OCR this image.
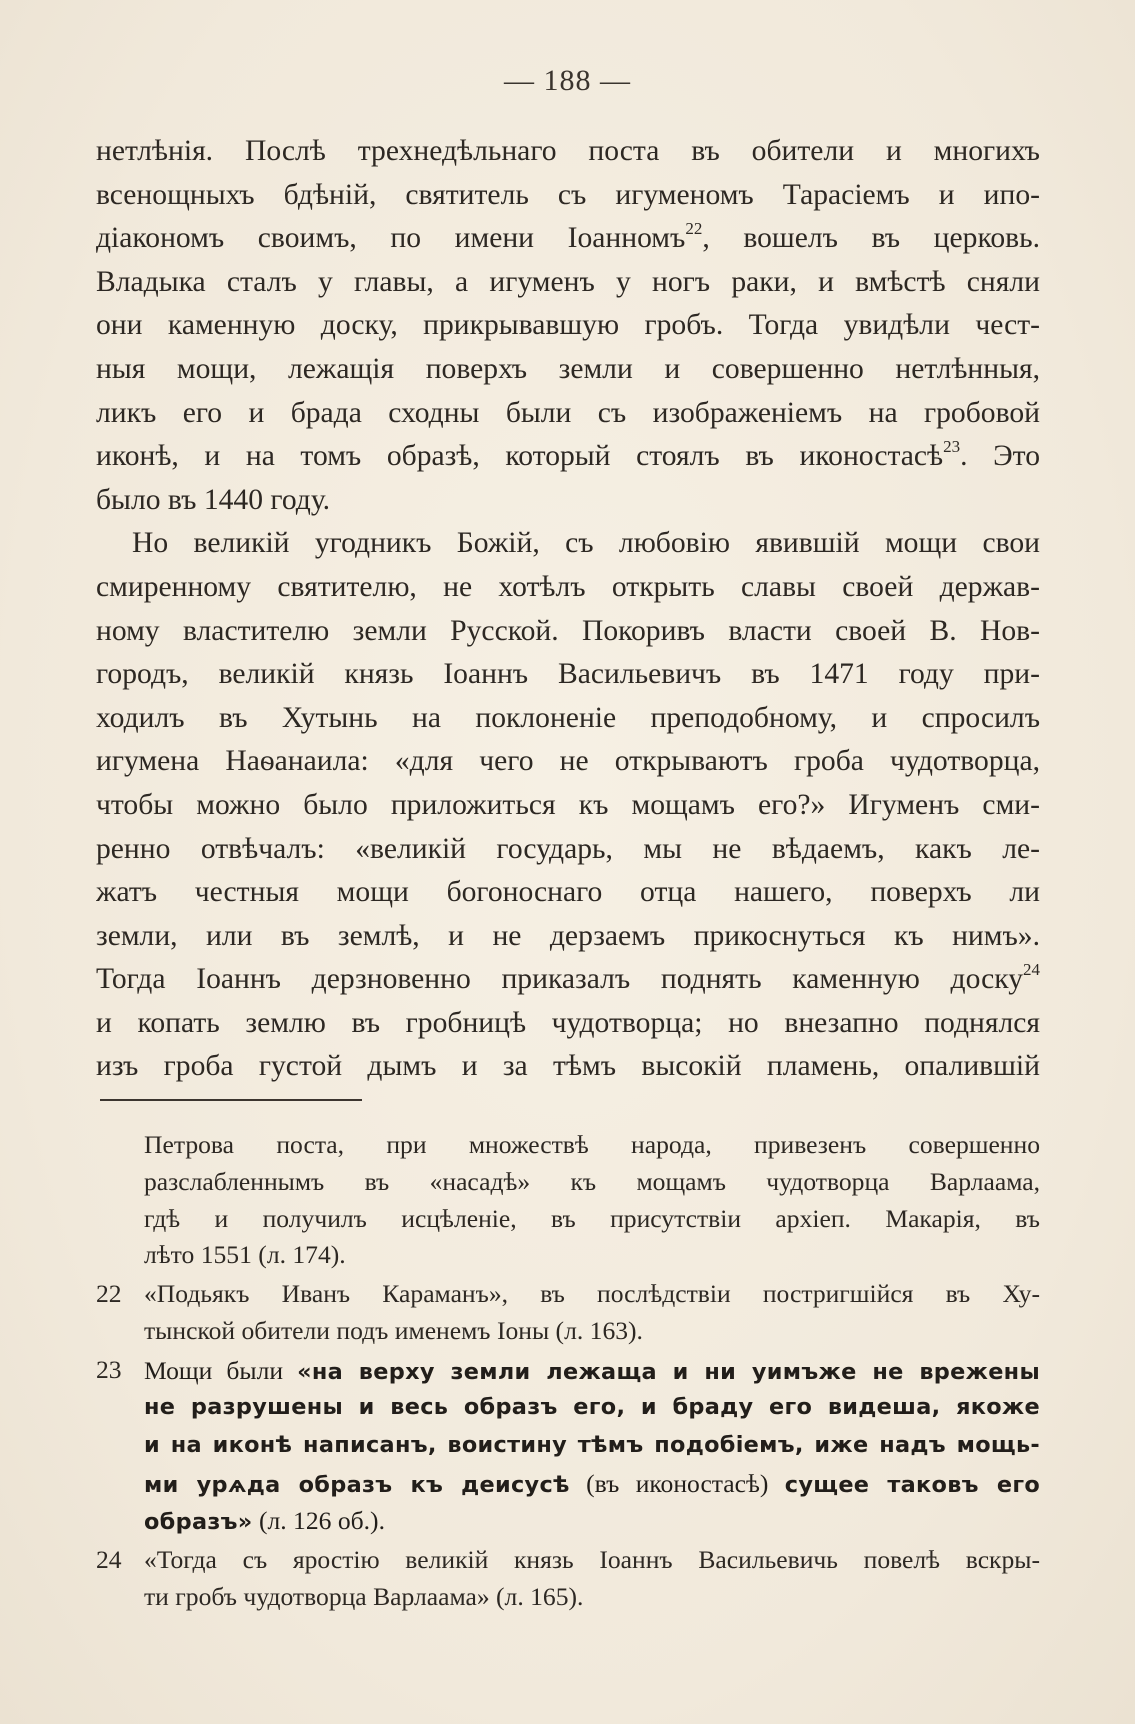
— 188 —
нетлѣнія. Послѣ трехнедѣльнаго поста въ обители и многихъ
всенощныхъ бдѣній, святитель съ игуменомъ Тарасіемъ и ипо-
діакономъ своимъ, по имени Іоанномъ$^{22}$, вошелъ въ церковь.
Владыка сталъ у главы, а игуменъ у ногъ раки, и вмѣстѣ сняли
они каменную доску, прикрывавшую гробъ. Тогда увидѣли чест-
ныя мощи, лежащія поверхъ земли и совершенно нетлѣнныя,
ликъ его и брада сходны были съ изображеніемъ на гробовой
иконѣ, и на томъ образѣ, который стоялъ въ иконостасѣ$^{23}$. Это
было въ 1440 году.
Но великій угодникъ Божій, съ любовію явившій мощи свои
смиренному святителю, не хотѣлъ открыть славы своей держав-
ному властителю земли Русской. Покоривъ власти своей В. Нов-
городъ, великій князь Іоаннъ Васильевичъ въ 1471 году при-
ходилъ въ Хутынь на поклоненіе преподобному, и спросилъ
игумена Наѳанаила: «для чего не открываютъ гроба чудотворца,
чтобы можно было приложиться къ мощамъ его?» Игуменъ сми-
ренно отвѣчалъ: «великій государь, мы не вѣдаемъ, какъ ле-
жатъ честныя мощи богоноснаго отца нашего, поверхъ ли
земли, или въ землѣ, и не дерзаемъ прикоснуться къ нимъ».
Тогда Іоаннъ дерзновенно приказалъ поднять каменную доску$^{24}$
и копать землю въ гробницѣ чудотворца; но внезапно поднялся
изъ гроба густой дымъ и за тѣмъ высокій пламень, опалившій
Петрова поста, при множествѣ народа, привезенъ совершенно
разслабленнымъ въ «насадѣ» къ мощамъ чудотворца Варлаама,
гдѣ и получилъ исцѣленіе, въ присутствіи архіеп. Макарія, въ
лѣто 1551 (л. 174).
22 «Подьякъ Иванъ Караманъ», въ послѣдствіи постригшійся въ Ху-
тынской обители подъ именемъ Іоны (л. 163).
23 Мощи были «на верху земли лежаща и ни уимъже не врежены
не разрушены и весь образъ его, и браду его видеша, якоже
и на иконѣ написанъ, воистину тѣмъ подобіемъ, иже надъ мощь-
ми урѧда образъ къ деисусѣ (въ иконостасѣ) сущее таковъ его
образъ» (л. 126 об.).
24 «Тогда съ яростію великій князь Іоаннъ Васильевичь повелѣ вскры-
ти гробъ чудотворца Варлаама» (л. 165).
